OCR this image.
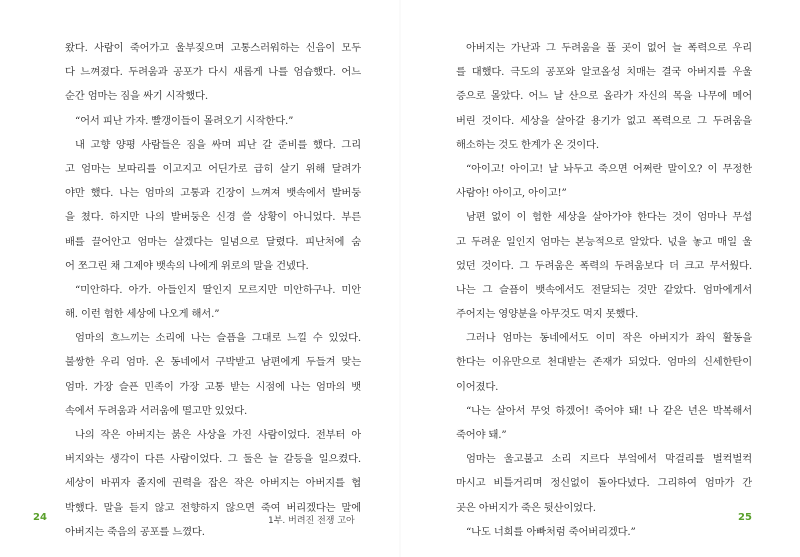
왔다. 사람이 죽어가고 울부짖으며 고통스러워하는 신음이 모두
다 느껴졌다. 두려움과 공포가 다시 새롭게 나를 엄습했다. 어느
순간 엄마는 짐을 싸기 시작했다.
“어서 피난 가자. 빨갱이들이 몰려오기 시작한다.”
내 고향 양평 사람들은 짐을 싸며 피난 갈 준비를 했다. 그리
고 엄마는 보따리를 이고지고 어딘가로 급히 살기 위해 달려가
야만 했다. 나는 엄마의 고통과 긴장이 느껴져 뱃속에서 발버둥
을 쳤다. 하지만 나의 발버둥은 신경 쓸 상황이 아니었다. 부른
배를 끌어안고 엄마는 살겠다는 일념으로 달렸다. 피난처에 숨
어 쪼그린 채 그제야 뱃속의 나에게 위로의 말을 건넸다.
“미안하다. 아가. 아들인지 딸인지 모르지만 미안하구나. 미안
해. 이런 험한 세상에 나오게 해서.”
엄마의 흐느끼는 소리에 나는 슬픔을 그대로 느낄 수 있었다.
불쌍한 우리 엄마. 온 동네에서 구박받고 남편에게 두들겨 맞는
엄마. 가장 슬픈 민족이 가장 고통 받는 시점에 나는 엄마의 뱃
속에서 두려움과 서러움에 떨고만 있었다.
나의 작은 아버지는 붉은 사상을 가진 사람이었다. 전부터 아
버지와는 생각이 다른 사람이었다. 그 둘은 늘 갈등을 일으켰다.
세상이 바뀌자 졸지에 권력을 잡은 작은 아버지는 아버지를 협
박했다. 말을 듣지 않고 전향하지 않으면 죽여 버리겠다는 말에
아버지는 죽음의 공포를 느꼈다.
24	1부. 버려진 전쟁 고아
아버지는 가난과 그 두려움을 풀 곳이 없어 늘 폭력으로 우리
를 대했다. 극도의 공포와 알코올성 치매는 결국 아버지를 우울
증으로 몰았다. 어느 날 산으로 올라가 자신의 목을 나무에 메어
버린 것이다. 세상을 살아갈 용기가 없고 폭력으로 그 두려움을
해소하는 것도 한계가 온 것이다.
“아이고! 아이고! 날 놔두고 죽으면 어쩌란 말이오? 이 무정한
사람아! 아이고, 아이고!”
남편 없이 이 험한 세상을 살아가야 한다는 것이 엄마나 무섭
고 두려운 일인지 엄마는 본능적으로 알았다. 넋을 놓고 매일 울
었던 것이다. 그 두려움은 폭력의 두려움보다 더 크고 무서웠다.
나는 그 슬픔이 뱃속에서도 전달되는 것만 같았다. 엄마에게서
주어지는 영양분을 아무것도 먹지 못했다.
그러나 엄마는 동네에서도 이미 작은 아버지가 좌익 활동을
한다는 이유만으로 천대받는 존재가 되었다. 엄마의 신세한탄이
이어졌다.
“나는 살아서 무엇 하겠어! 죽어야 돼! 나 같은 년은 박복해서
죽어야 돼.”
엄마는 울고불고 소리 지르다 부엌에서 막걸리를 벌컥벌컥
마시고 비틀거리며 정신없이 돌아다녔다. 그리하여 엄마가 간
곳은 아버지가 죽은 뒷산이었다.
“나도 너희를 아빠처럼 죽어버리겠다.”
25
